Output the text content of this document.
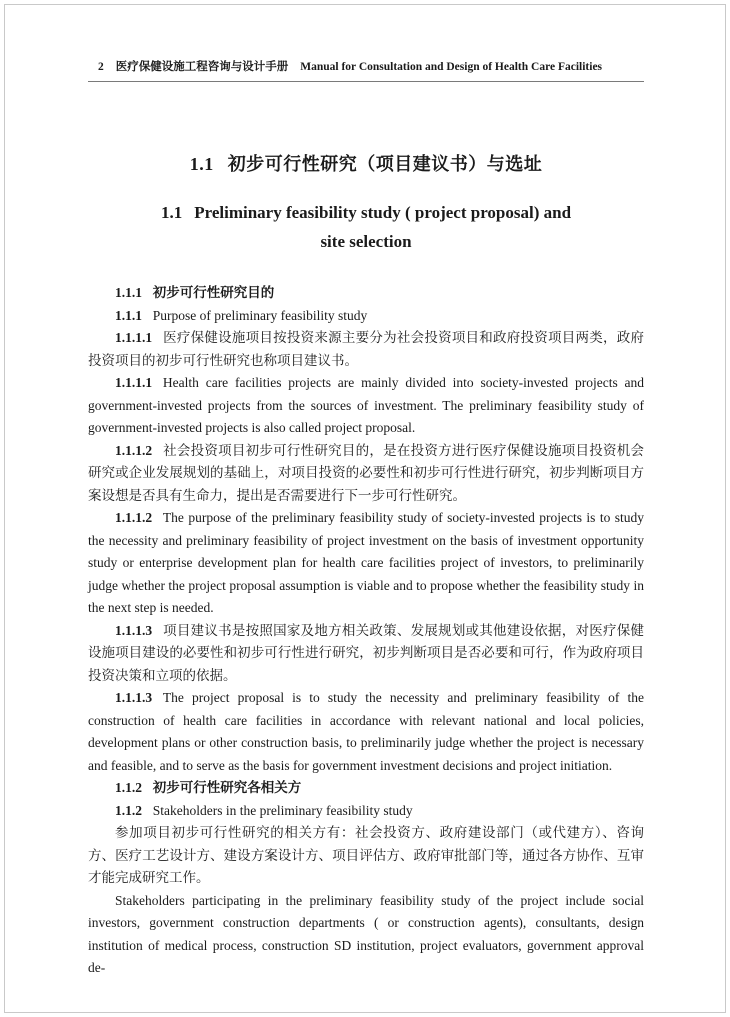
2 医疗保健设施工程咨询与设计手册 Manual for Consultation and Design of Health Care Facilities
1.1 初步可行性研究（项目建议书）与选址
1.1 Preliminary feasibility study ( project proposal) and
site selection

1.1.1 初步可行性研究目的

1.1.1 Purpose of preliminary feasibility study

1.1.1.1 医疗保健设施项目按投资来源主要分为社会投资项目和政府投资项目两类，政府投资项目的初步可行性研究也称项目建议书。

1.1.1.1 Health care facilities projects are mainly divided into society-invested projects and government-invested projects from the sources of investment. The preliminary feasibility study of government-invested projects is also called project proposal.

1.1.1.2 社会投资项目初步可行性研究目的，是在投资方进行医疗保健设施项目投资机会研究或企业发展规划的基础上，对项目投资的必要性和初步可行性进行研究，初步判断项目方案设想是否具有生命力，提出是否需要进行下一步可行性研究。

1.1.1.2 The purpose of the preliminary feasibility study of society-invested projects is to study the necessity and preliminary feasibility of project investment on the basis of investment opportunity study or enterprise development plan for health care facilities project of investors, to preliminarily judge whether the project proposal assumption is viable and to propose whether the feasibility study in the next step is needed.

1.1.1.3 项目建议书是按照国家及地方相关政策、发展规划或其他建设依据，对医疗保健设施项目建设的必要性和初步可行性进行研究，初步判断项目是否必要和可行，作为政府项目投资决策和立项的依据。

1.1.1.3 The project proposal is to study the necessity and preliminary feasibility of the construction of health care facilities in accordance with relevant national and local policies, development plans or other construction basis, to preliminarily judge whether the project is necessary and feasible, and to serve as the basis for government investment decisions and project initiation.

1.1.2 初步可行性研究各相关方

1.1.2 Stakeholders in the preliminary feasibility study

参加项目初步可行性研究的相关方有：社会投资方、政府建设部门（或代建方）、咨询方、医疗工艺设计方、建设方案设计方、项目评估方、政府审批部门等，通过各方协作、互审才能完成研究工作。

Stakeholders participating in the preliminary feasibility study of the project include social investors, government construction departments ( or construction agents), consultants, design institution of medical process, construction SD institution, project evaluators, government approval de-
